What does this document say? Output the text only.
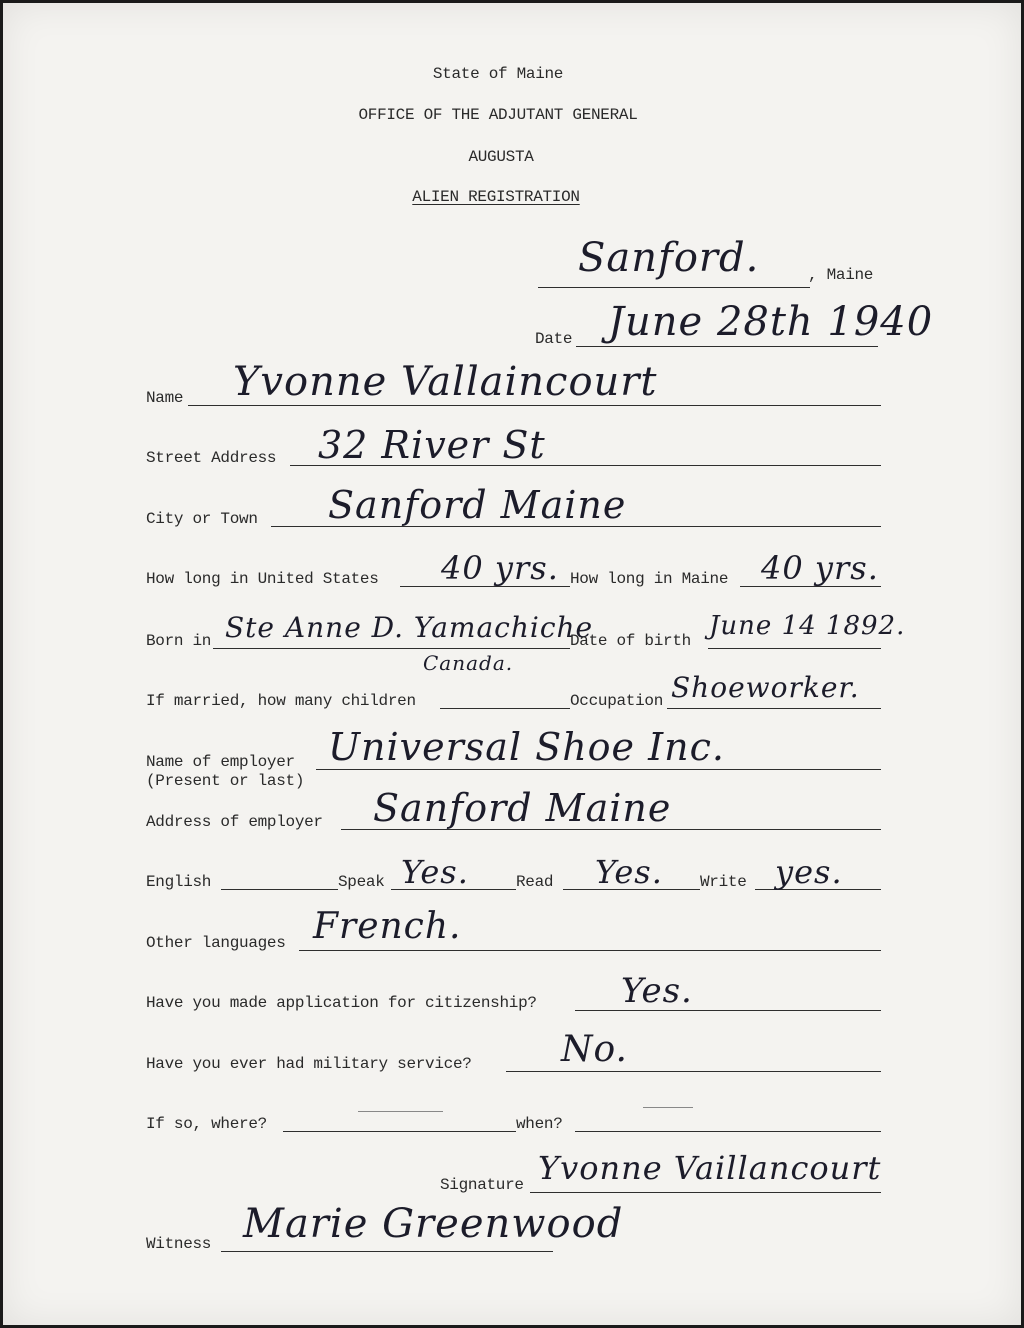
State of Maine
OFFICE OF THE ADJUTANT GENERAL
AUGUSTA
ALIEN REGISTRATION
Sanford.	, Maine
Date June 28th 1940
Name Yvonne Vallaincourt
Street Address 32 River St
City or Town Sanford Maine
How long in United States 40 yrs. How long in Maine 40 yrs.
Born in Ste Anne D. Yamachiche
Canada.
Date of birth June 14 1892.
If married, how many children	Occupation Shoeworker.
Name of employer
(Present or last)
Universal Shoe Inc.
Address of employer Sanford Maine
English	Speak Yes.	Read Yes. Write yes.
Other languages French.
Have you made application for citizenship? Yes.
Have you ever had military service? No.
If so, where?	when?
Signature Yvonne Vaillancourt
Witness Marie Greenwood
